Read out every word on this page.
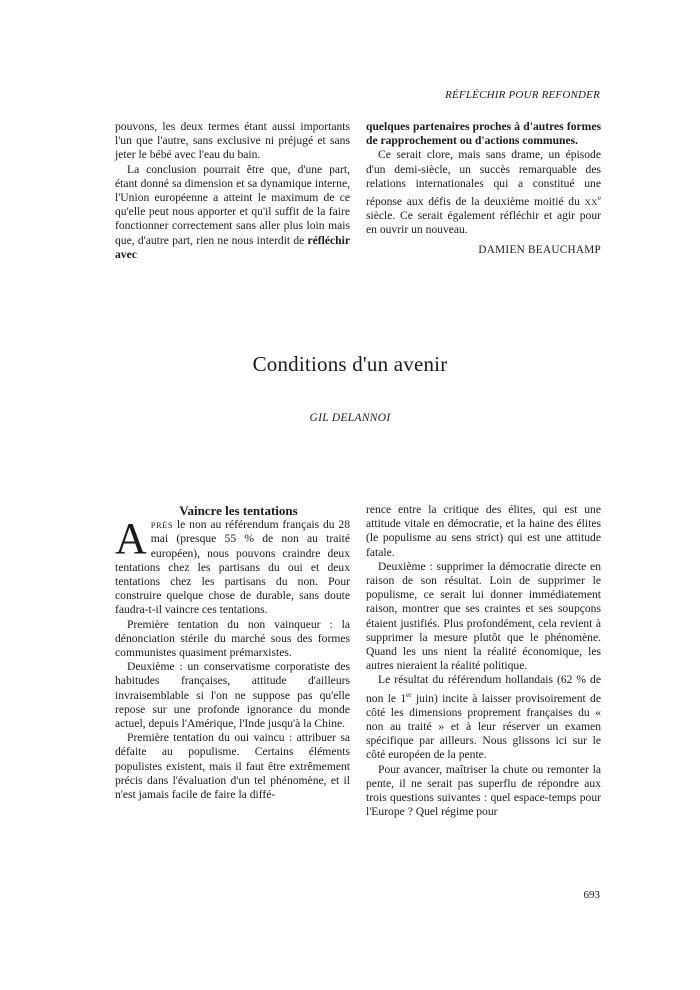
RÉFLÉCHIR POUR REFONDER

pouvons, les deux termes étant aussi importants l'un que l'autre, sans exclusive ni préjugé et sans jeter le bébé avec l'eau du bain.

La conclusion pourrait être que, d'une part, étant donné sa dimension et sa dynamique interne, l'Union européenne a atteint le maximum de ce qu'elle peut nous apporter et qu'il suffit de la faire fonctionner correctement sans aller plus loin mais que, d'autre part, rien ne nous interdit de réfléchir avec

quelques partenaires proches à d'autres formes de rapprochement ou d'actions communes.

Ce serait clore, mais sans drame, un épisode d'un demi-siècle, un succès remarquable des relations internationales qui a constitué une réponse aux défis de la deuxième moitié du XXe siècle. Ce serait également réfléchir et agir pour en ouvrir un nouveau.

DAMIEN BEAUCHAMP
Conditions d'un avenir
GIL DELANNOI

Vaincre les tentations

APRÈS le non au référendum français du 28 mai (presque 55 % de non au traité européen), nous pouvons craindre deux tentations chez les partisans du oui et deux tentations chez les partisans du non. Pour construire quelque chose de durable, sans doute faudra-t-il vaincre ces tentations.

Première tentation du non vainqueur : la dénonciation stérile du marché sous des formes communistes quasiment prémarxistes.

Deuxième : un conservatisme corporatiste des habitudes françaises, attitude d'ailleurs invraisemblable si l'on ne suppose pas qu'elle repose sur une profonde ignorance du monde actuel, depuis l'Amérique, l'Inde jusqu'à la Chine.

Première tentation du oui vaincu : attribuer sa défaite au populisme. Certains éléments populistes existent, mais il faut être extrêmement précis dans l'évaluation d'un tel phénomène, et il n'est jamais facile de faire la diffé-

rence entre la critique des élites, qui est une attitude vitale en démocratie, et la haine des élites (le populisme au sens strict) qui est une attitude fatale.

Deuxième : supprimer la démocratie directe en raison de son résultat. Loin de supprimer le populisme, ce serait lui donner immédiatement raison, montrer que ses craintes et ses soupçons étaient justifiés. Plus profondément, cela revient à supprimer la mesure plutôt que le phénomène. Quand les uns nient la réalité économique, les autres nieraient la réalité politique.

Le résultat du référendum hollandais (62 % de non le 1er juin) incite à laisser provisoirement de côté les dimensions proprement françaises du « non au traité » et à leur réserver un examen spécifique par ailleurs. Nous glissons ici sur le côté européen de la pente.

Pour avancer, maîtriser la chute ou remonter la pente, il ne serait pas superflu de répondre aux trois questions suivantes : quel espace-temps pour l'Europe ? Quel régime pour

693
